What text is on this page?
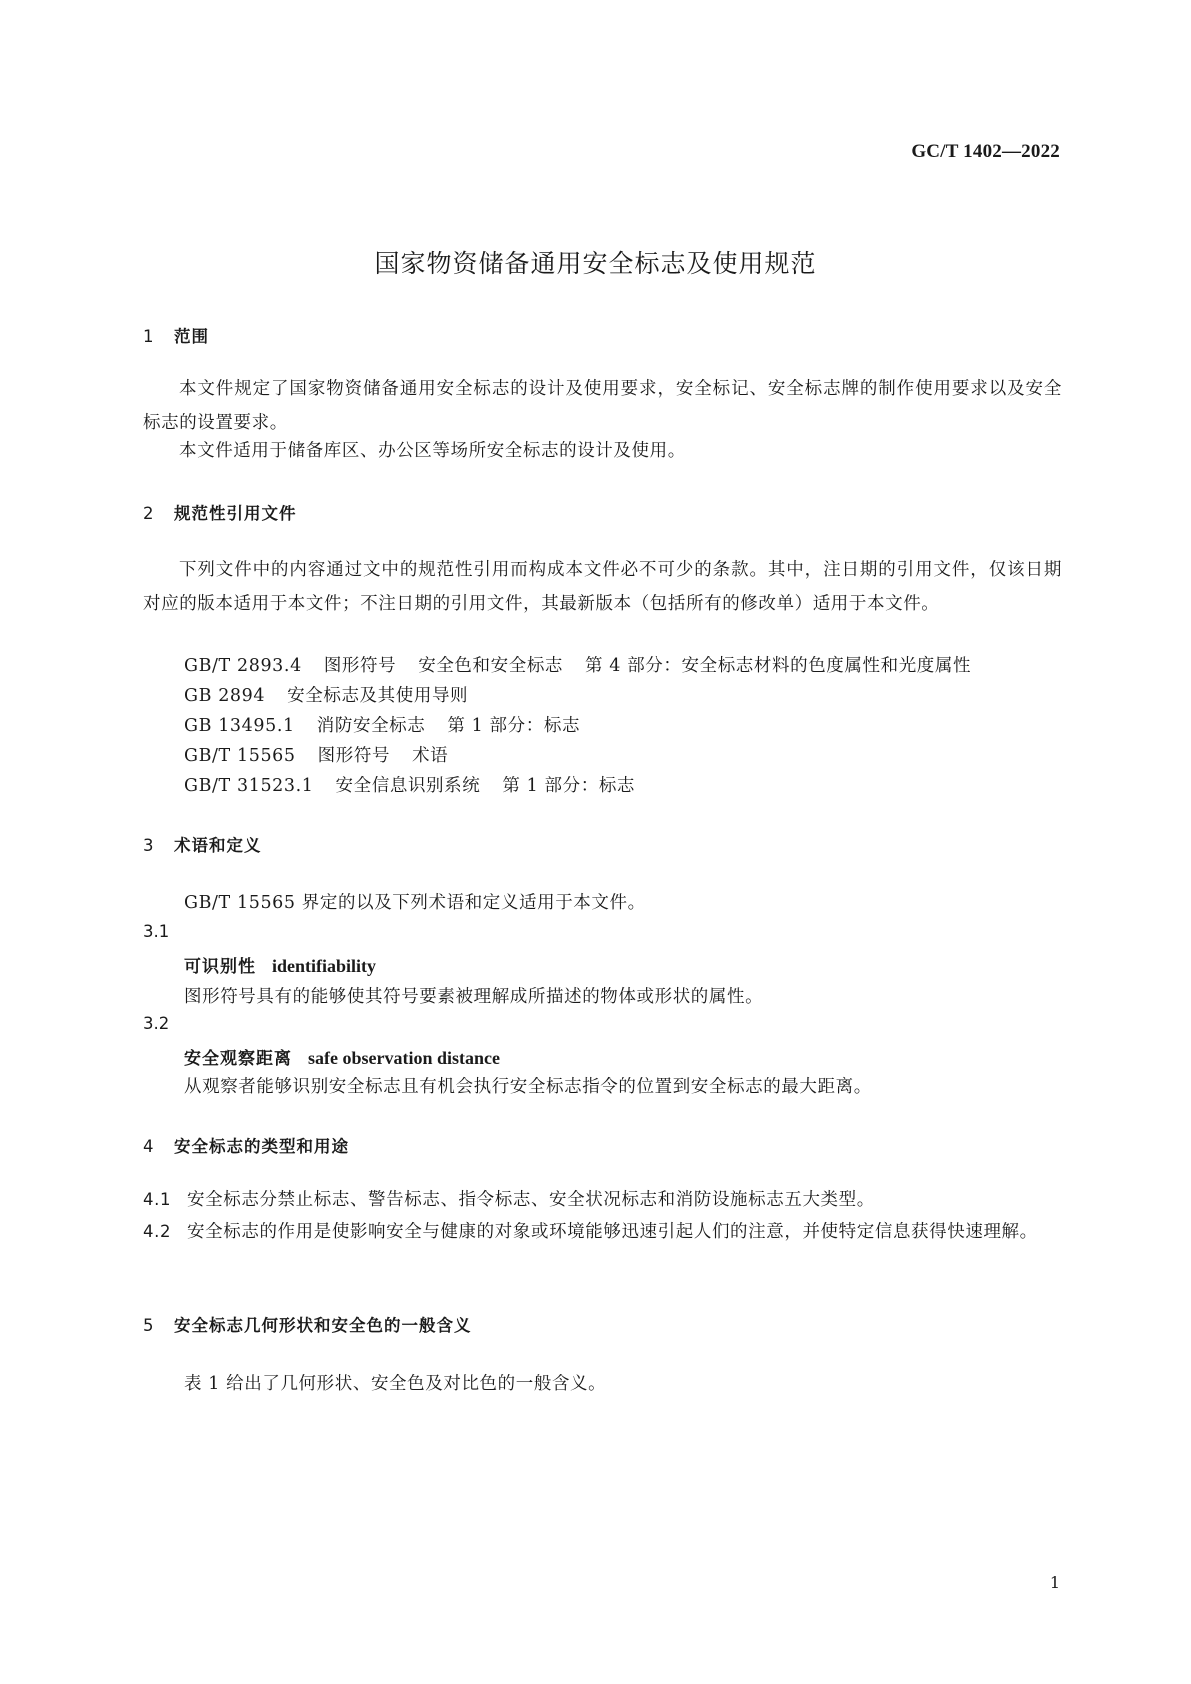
GC/T 1402—2022
国家物资储备通用安全标志及使用规范
1 范围
本文件规定了国家物资储备通用安全标志的设计及使用要求，安全标记、安全标志牌的制作使用要求以及安全标志的设置要求。
本文件适用于储备库区、办公区等场所安全标志的设计及使用。
2 规范性引用文件
下列文件中的内容通过文中的规范性引用而构成本文件必不可少的条款。其中，注日期的引用文件，仅该日期对应的版本适用于本文件；不注日期的引用文件，其最新版本（包括所有的修改单）适用于本文件。
GB/T 2893.4 图形符号 安全色和安全标志 第 4 部分：安全标志材料的色度属性和光度属性
GB 2894 安全标志及其使用导则
GB 13495.1 消防安全标志 第 1 部分：标志
GB/T 15565 图形符号 术语
GB/T 31523.1 安全信息识别系统 第 1 部分：标志
3 术语和定义
GB/T 15565 界定的以及下列术语和定义适用于本文件。
3.1
可识别性 identifiability
图形符号具有的能够使其符号要素被理解成所描述的物体或形状的属性。
3.2
安全观察距离 safe observation distance
从观察者能够识别安全标志且有机会执行安全标志指令的位置到安全标志的最大距离。
4 安全标志的类型和用途
4.1 安全标志分禁止标志、警告标志、指令标志、安全状况标志和消防设施标志五大类型。
4.2 安全标志的作用是使影响安全与健康的对象或环境能够迅速引起人们的注意，并使特定信息获得快速理解。
5 安全标志几何形状和安全色的一般含义
表 1 给出了几何形状、安全色及对比色的一般含义。
1
